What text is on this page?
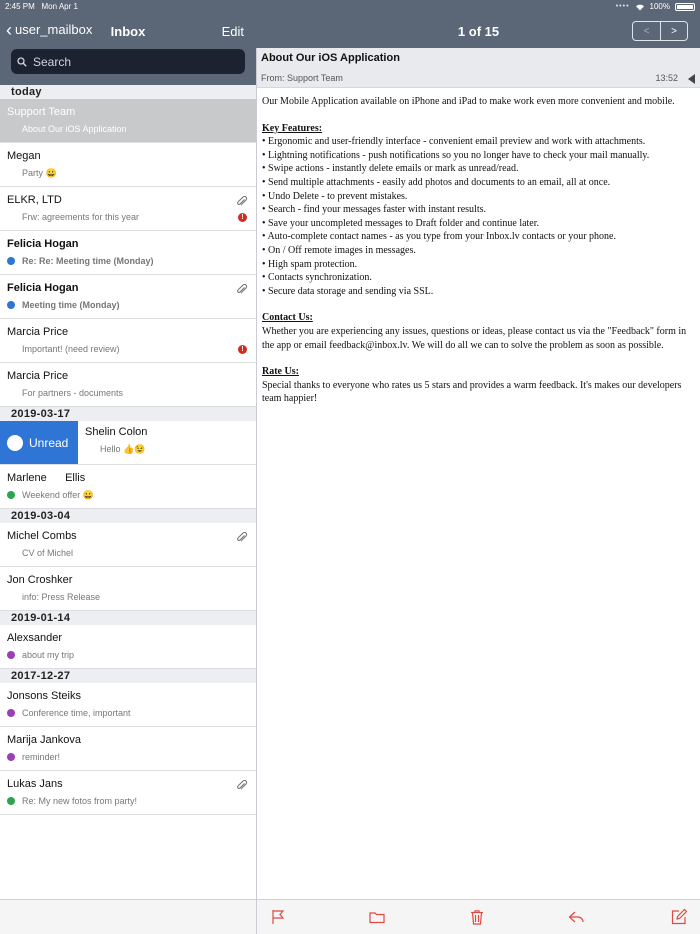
2:45 PM Mon Apr 1	••••	100%
‹ user_mailbox	Inbox	Edit	1 of 15	<	>
Search
today
Support Team
About Our iOS Application
Megan
Party 😀
ELKR, LTD
Frw: agreements for this year	!
Felicia Hogan
Re: Re: Meeting time (Monday)
Felicia Hogan
Meeting time (Monday)
Marcia Price
Important! (need review)	!
Marcia Price
For partners - documents
2019-03-17
Unread
Shelin Colon
Hello 👍😉
Marlene      Ellis
Weekend offer 😀
2019-03-04
Michel Combs
CV of Michel
Jon Croshker
info: Press Release
2019-01-14
Alexsander
about my trip
2017-12-27
Jonsons Steiks
Conference time, important
Marija Jankova
reminder!
Lukas Jans
Re: My new fotos from party!
About Our iOS Application
From: Support Team	13:52

Our Mobile Application available on iPhone and iPad to make work even more convenient and mobile.

Key Features:
• Ergonomic and user-friendly interface - convenient email preview and work with attachments.
• Lightning notifications - push notifications so you no longer have to check your mail manually.
• Swipe actions - instantly delete emails or mark as unread/read.
• Send multiple attachments - easily add photos and documents to an email, all at once.
• Undo Delete - to prevent mistakes.
• Search - find your messages faster with instant results.
• Save your uncompleted messages to Draft folder and continue later.
• Auto-complete contact names - as you type from your Inbox.lv contacts or your phone.
• On / Off remote images in messages.
• High spam protection.
• Contacts synchronization.
• Secure data storage and sending via SSL.
Contact Us:
Whether you are experiencing any issues, questions or ideas, please contact us via the "Feedback" form in the app or email feedback@inbox.lv. We will do all we can to solve the problem as soon as possible.
Rate Us:
Special thanks to everyone who rates us 5 stars and provides a warm feedback. It's makes our developers team happier!
